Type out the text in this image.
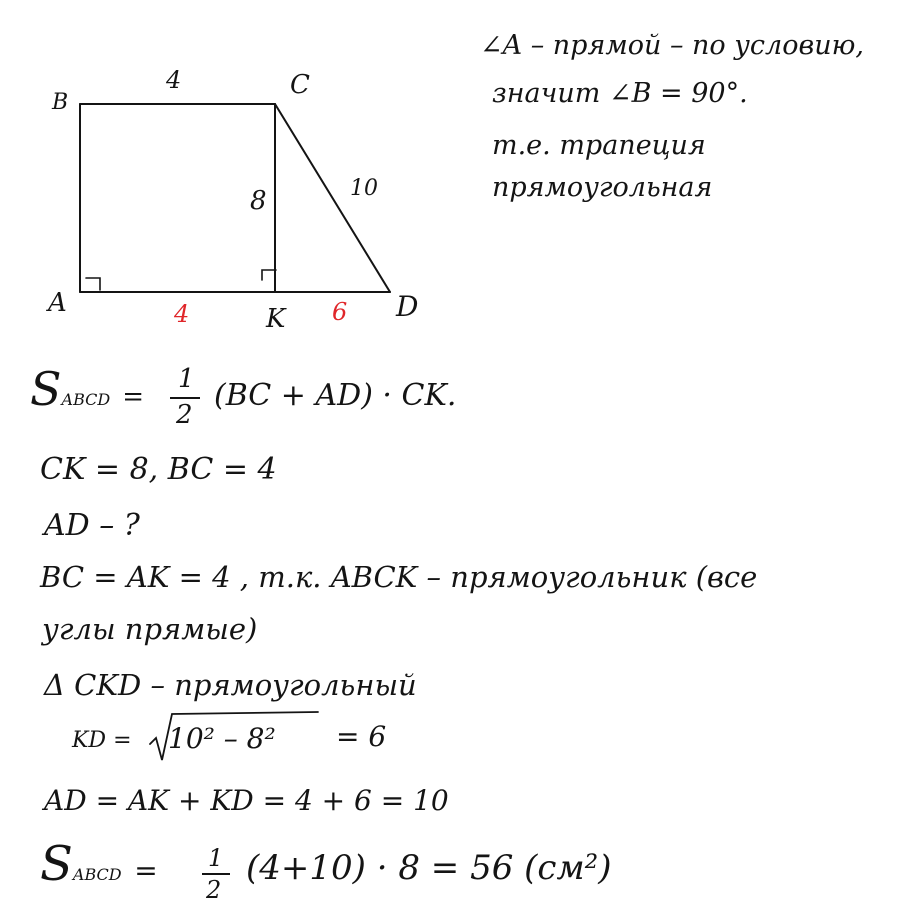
B
C
A
K	D
4
8	10
4	6
∠A – прямой – по условию,
значит ∠B = 90°.
т.е. трапеция
прямоугольная
SABCD =
1
2
(BC + AD) · CK.
CK = 8, BC = 4
AD – ?
BC = AK = 4 , т.к. ABCK – прямоугольник (все
углы прямые)
Δ CKD – прямоугольный
KD = 10² – 8² = 6
AD = AK + KD = 4 + 6 = 10
SABCD = 1
2
(4+10) · 8 = 56 (см²)
